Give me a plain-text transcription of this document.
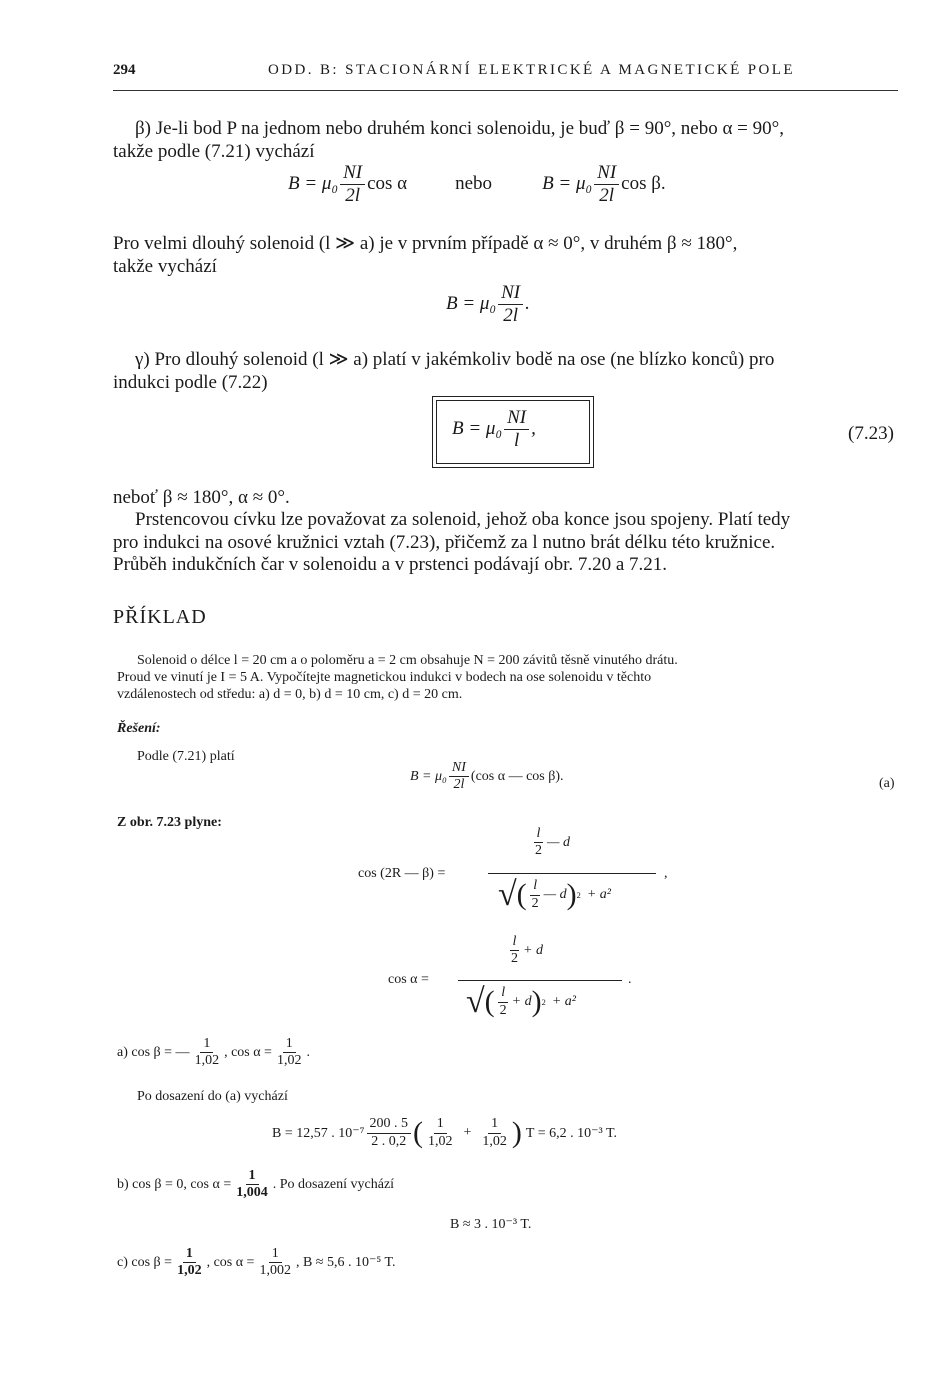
294	ODD. B: STACIONÁRNÍ ELEKTRICKÉ A MAGNETICKÉ POLE
β) Je-li bod P na jednom nebo druhém konci solenoidu, je buď β = 90°, nebo α = 90°,
takže podle (7.21) vychází
$B = \mu_0 \frac{NI}{2l}$ cos α	nebo	$B = \mu_0 \frac{NI}{2l}$ cos β.
Pro velmi dlouhý solenoid (l ≫ a) je v prvním případě α ≈ 0°, v druhém β ≈ 180°,
takže vychází
$B = \mu_0 \frac{NI}{2l}$ .
γ) Pro dlouhý solenoid (l ≫ a) platí v jakémkoliv bodě na ose (ne blízko konců) pro
indukci podle (7.22)
$B = \mu_0 \frac{NI}{l}$ ,	(7.23)
neboť β ≈ 180°, α ≈ 0°.
Prstencovou cívku lze považovat za solenoid, jehož oba konce jsou spojeny. Platí tedy
pro indukci na osové kružnici vztah (7.23), přičemž za l nutno brát délku této kružnice.
Průběh indukčních čar v solenoidu a v prstenci podávají obr. 7.20 a 7.21.
PŘÍKLAD
Solenoid o délce l = 20 cm a o poloměru a = 2 cm obsahuje N = 200 závitů těsně vinutého drátu.
Proud ve vinutí je I = 5 A. Vypočítejte magnetickou indukci v bodech na ose solenoidu v těchto
vzdálenostech od středu: a) d = 0, b) d = 10 cm, c) d = 20 cm.
Řešení:
Podle (7.21) platí
$B = \mu_0 \frac{NI}{2l} (\cos$ α — cos β).	(a)
Z obr. 7.23 plyne:
cos (2R — β) =
$\frac{l}{2}$ — d
√ ( $\frac{l}{2}$ — d ) 2 + a²
,
cos α =
$\frac{l}{2} + d$
√ ( $\frac{l}{2} + d$ ) 2 + a²
.
a) cos β = — $\frac{1}{1,02}$ , $\cos \alpha = \frac{1}{1,02}$ .
Po dosazení do (a) vychází
B = 12,57 . $10^{-7} \frac{200 . 5}{2 . 0,2}$ ( $\frac{1}{1,02} + \frac{1}{1,02}$ ) T = 6,2 . 10⁻³ T.
b) cos β = 0, $\cos \alpha = \frac{1}{1,004}$ . Po dosazení vychází
B ≈ 3 . 10⁻³ T.
c) $\cos \beta = \frac{1}{1,02}$ , $\cos \alpha = \frac{1}{1,002}$ , B ≈ 5,6 . 10⁻⁵ T.
